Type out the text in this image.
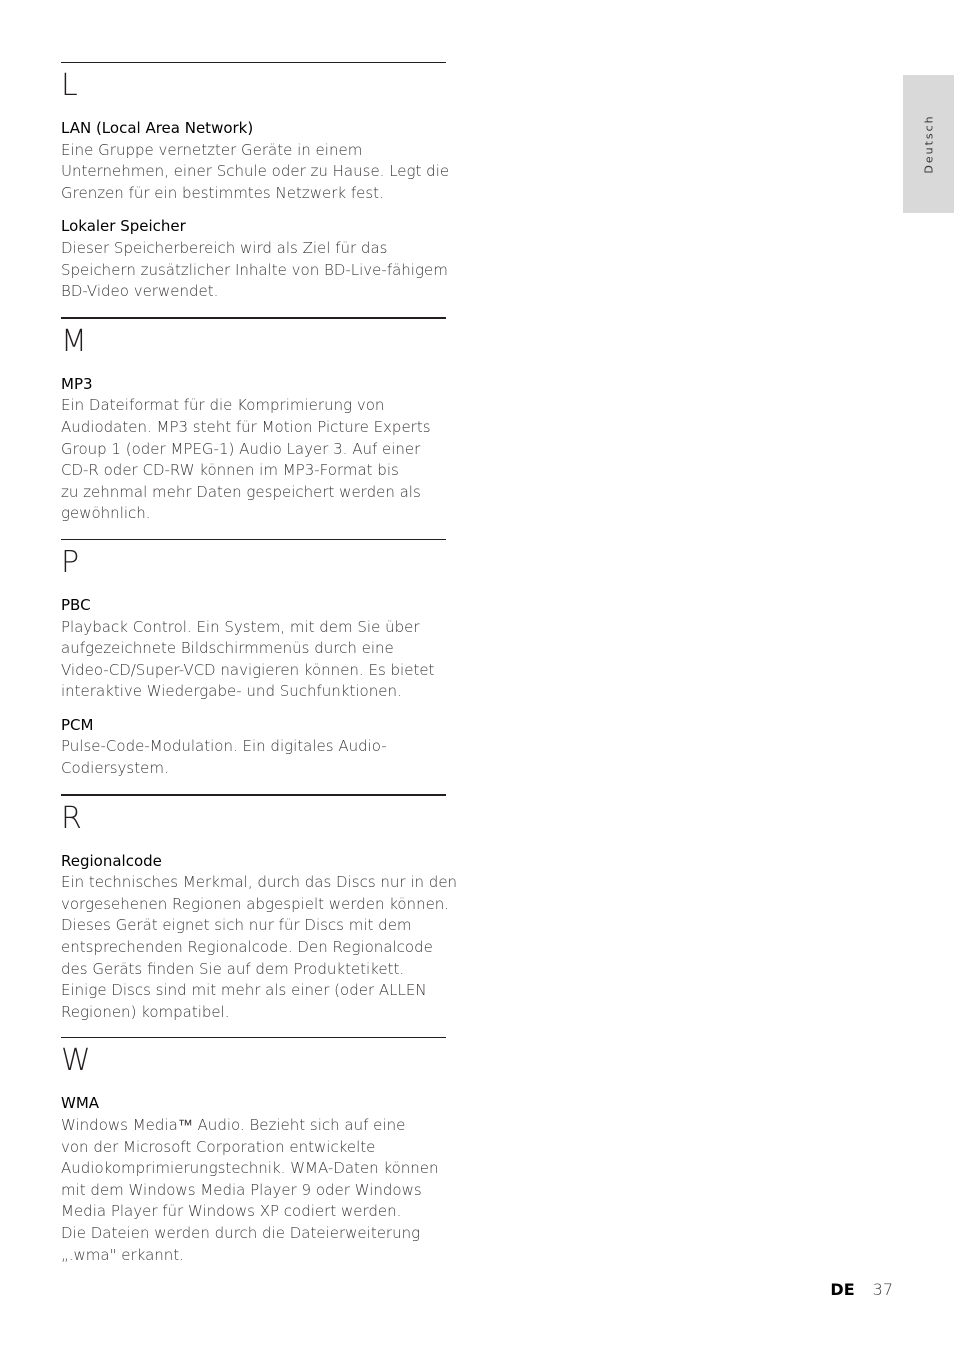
Deutsch
L
LAN (Local Area Network)
Eine Gruppe vernetzter Geräte in einem
Unternehmen, einer Schule oder zu Hause. Legt die
Grenzen für ein bestimmtes Netzwerk fest.
Lokaler Speicher
Dieser Speicherbereich wird als Ziel für das
Speichern zusätzlicher Inhalte von BD-Live-fähigem
BD-Video verwendet.
M
MP3
Ein Dateiformat für die Komprimierung von
Audiodaten. MP3 steht für Motion Picture Experts
Group 1 (oder MPEG-1) Audio Layer 3. Auf einer
CD-R oder CD-RW können im MP3-Format bis
zu zehnmal mehr Daten gespeichert werden als
gewöhnlich.
P
PBC
Playback Control. Ein System, mit dem Sie über
aufgezeichnete Bildschirmmenüs durch eine
Video-CD/Super-VCD navigieren können. Es bietet
interaktive Wiedergabe- und Suchfunktionen.
PCM
Pulse-Code-Modulation. Ein digitales Audio-
Codiersystem.
R
Regionalcode
Ein technisches Merkmal, durch das Discs nur in den
vorgesehenen Regionen abgespielt werden können.
Dieses Gerät eignet sich nur für Discs mit dem
entsprechenden Regionalcode. Den Regionalcode
des Geräts finden Sie auf dem Produktetikett.
Einige Discs sind mit mehr als einer (oder ALLEN
Regionen) kompatibel.
W
WMA
Windows Media™ Audio. Bezieht sich auf eine
von der Microsoft Corporation entwickelte
Audiokomprimierungstechnik. WMA-Daten können
mit dem Windows Media Player 9 oder Windows
Media Player für Windows XP codiert werden.
Die Dateien werden durch die Dateierweiterung
„.wma" erkannt.
DE 37
